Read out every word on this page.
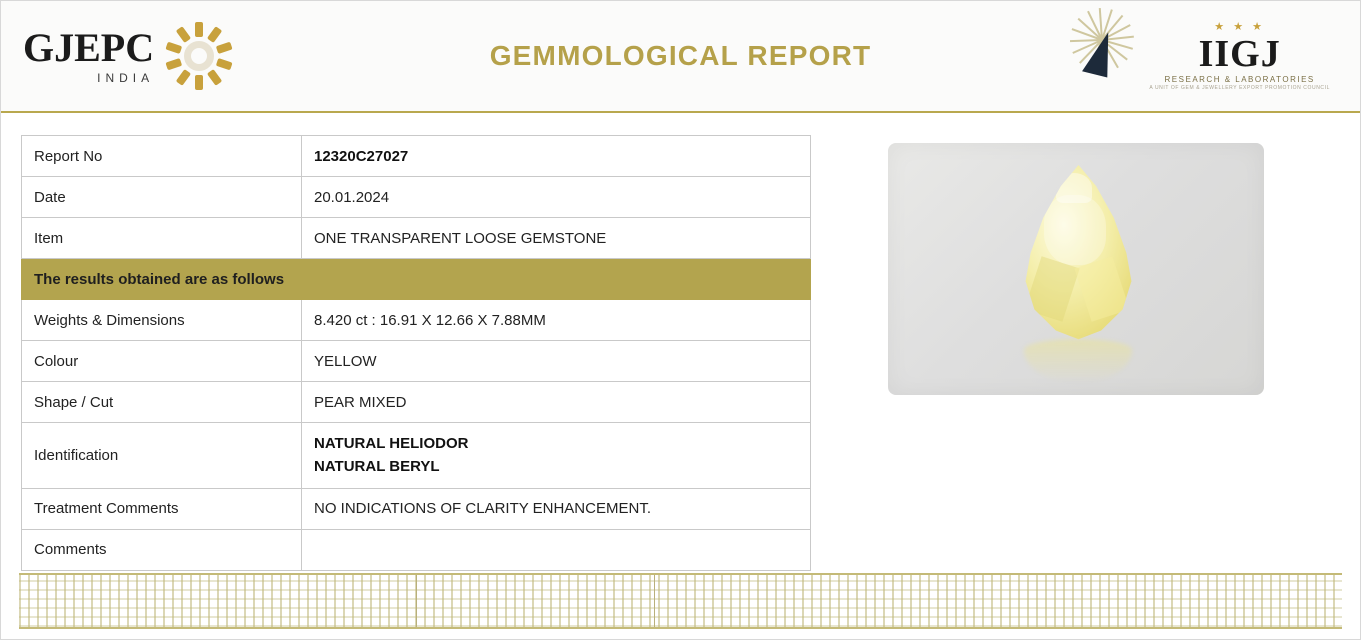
GJEPC
INDIA
GEMMOLOGICAL REPORT
★ ★ ★
IIGJ
RESEARCH & LABORATORIES
A UNIT OF GEM & JEWELLERY EXPORT PROMOTION COUNCIL
Report No	12320C27027
Date	20.01.2024
Item	ONE TRANSPARENT LOOSE GEMSTONE
The results obtained are as follows	
Weights & Dimensions	8.420 ct : 16.91 X 12.66 X 7.88MM
Colour	YELLOW
Shape / Cut	PEAR MIXED
Identification	NATURAL HELIODOR
NATURAL BERYL

Treatment Comments	NO INDICATIONS OF CLARITY ENHANCEMENT.
Comments	
